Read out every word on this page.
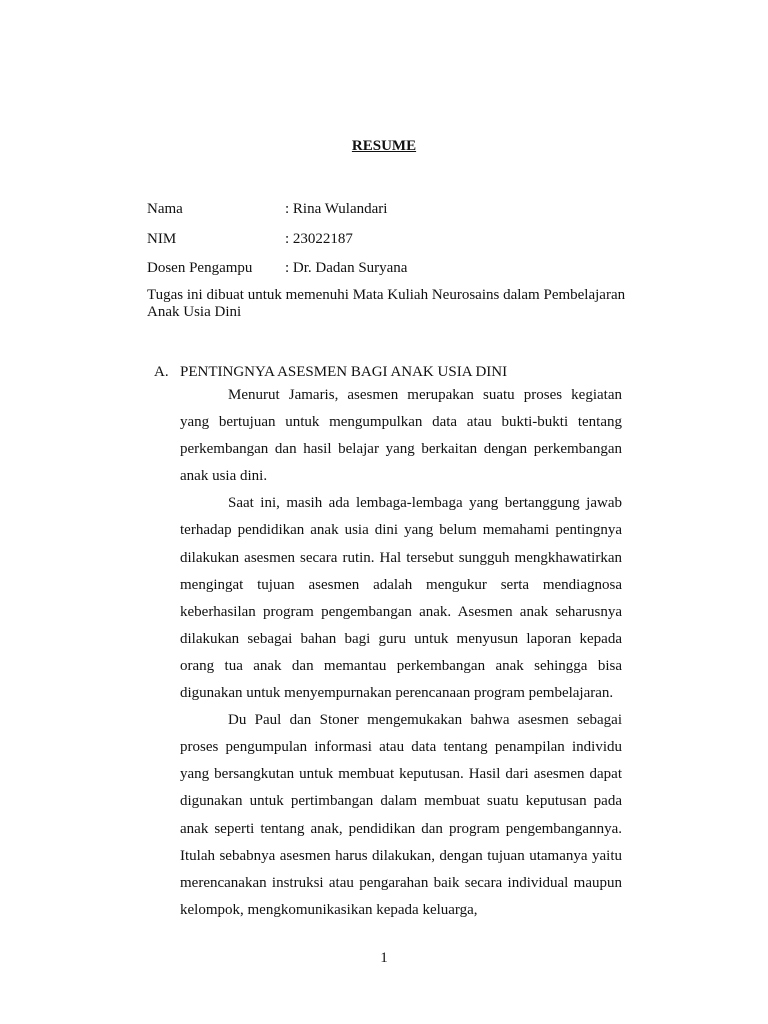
RESUME
Nama	: Rina Wulandari
NIM	: 23022187
Dosen Pengampu : Dr. Dadan Suryana
Tugas ini dibuat untuk memenuhi Mata Kuliah Neurosains dalam Pembelajaran Anak Usia Dini
A. PENTINGNYA ASESMEN BAGI ANAK USIA DINI

Menurut Jamaris, asesmen merupakan suatu proses kegiatan yang bertujuan untuk mengumpulkan data atau bukti-bukti tentang perkembangan dan hasil belajar yang berkaitan dengan perkembangan anak usia dini.

Saat ini, masih ada lembaga-lembaga yang bertanggung jawab terhadap pendidikan anak usia dini yang belum memahami pentingnya dilakukan asesmen secara rutin. Hal tersebut sungguh mengkhawatirkan mengingat tujuan asesmen adalah mengukur serta mendiagnosa keberhasilan program pengembangan anak. Asesmen anak seharusnya dilakukan sebagai bahan bagi guru untuk menyusun laporan kepada orang tua anak dan memantau perkembangan anak sehingga bisa digunakan untuk menyempurnakan perencanaan program pembelajaran.

Du Paul dan Stoner mengemukakan bahwa asesmen sebagai proses pengumpulan informasi atau data tentang penampilan individu yang bersangkutan untuk membuat keputusan. Hasil dari asesmen dapat digunakan untuk pertimbangan dalam membuat suatu keputusan pada anak seperti tentang anak, pendidikan dan program pengembangannya. Itulah sebabnya asesmen harus dilakukan, dengan tujuan utamanya yaitu merencanakan instruksi atau pengarahan baik secara individual maupun kelompok, mengkomunikasikan kepada keluarga,

1
